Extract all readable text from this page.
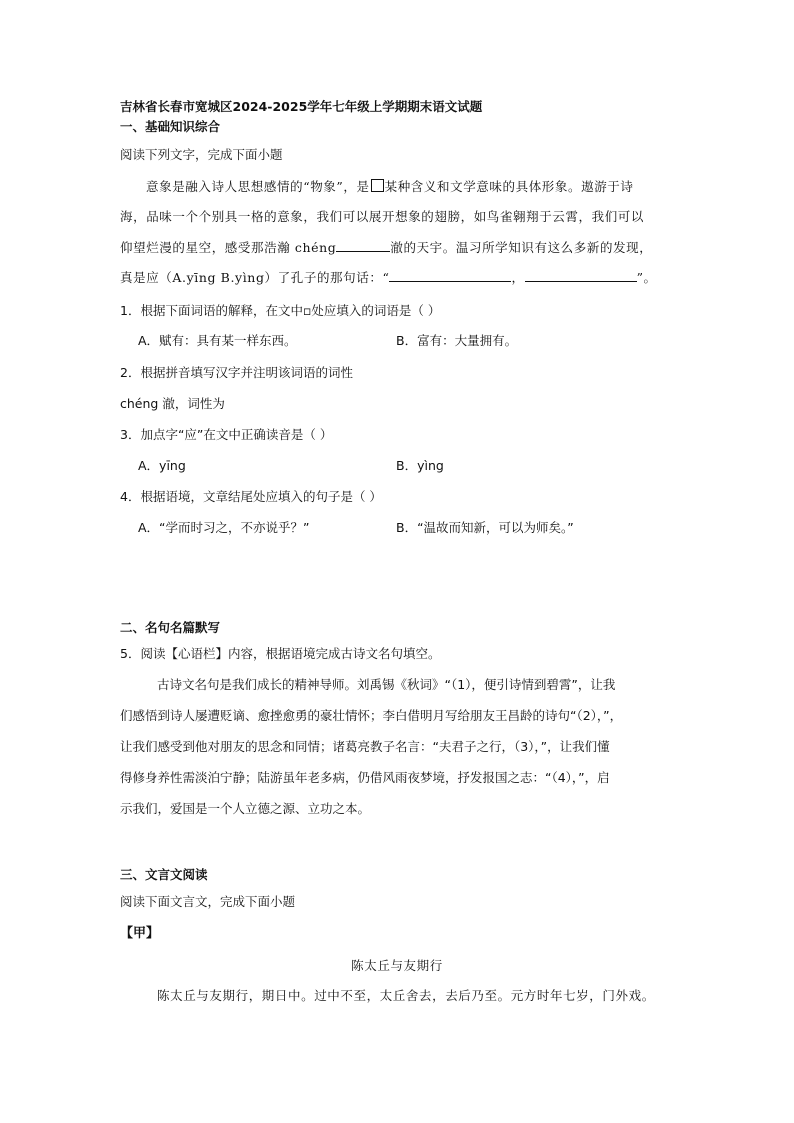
吉林省长春市宽城区2024-2025学年七年级上学期期末语文试题
一、基础知识综合
阅读下列文字，完成下面小题
意象是融入诗人思想感情的“物象”，是 某种含义和文学意味的具体形象。遨游于诗
海，品味一个个别具一格的意象，我们可以展开想象的翅膀，如鸟雀翱翔于云霄，我们可以
仰望烂漫的星空，感受那浩瀚 chéng	澈的天宇。温习所学知识有这么多新的发现，
真是应（A.yīng B.yìng）了孔子的那句话：“	，	”。
1．根据下面词语的解释，在文中▫处应填入的词语是（ ）
A．赋有：具有某一样东西。	B．富有：大量拥有。
2．根据拼音填写汉字并注明该词语的词性
chéng 澈，词性为
3．加点字“应”在文中正确读音是（ ）
A．yīng	B．yìng
4．根据语境，文章结尾处应填入的句子是（ ）
A．“学而时习之，不亦说乎？”	B．“温故而知新，可以为师矣。”
二、名句名篇默写
5．阅读【心语栏】内容，根据语境完成古诗文名句填空。
古诗文名句是我们成长的精神导师。刘禹锡《秋词》“（1），便引诗情到碧霄”，让我
们感悟到诗人屡遭贬谪、愈挫愈勇的豪壮情怀；李白借明月写给朋友王昌龄的诗句“（2），”，
让我们感受到他对朋友的思念和同情；诸葛亮教子名言：“夫君子之行，（3），”，让我们懂
得修身养性需淡泊宁静；陆游虽年老多病，仍借风雨夜梦境，抒发报国之志：“（4），”，启
示我们，爱国是一个人立德之源、立功之本。
三、文言文阅读
阅读下面文言文，完成下面小题
【甲】
陈太丘与友期行
陈太丘与友期行，期日中。过中不至，太丘舍去，去后乃至。元方时年七岁，门外戏。
